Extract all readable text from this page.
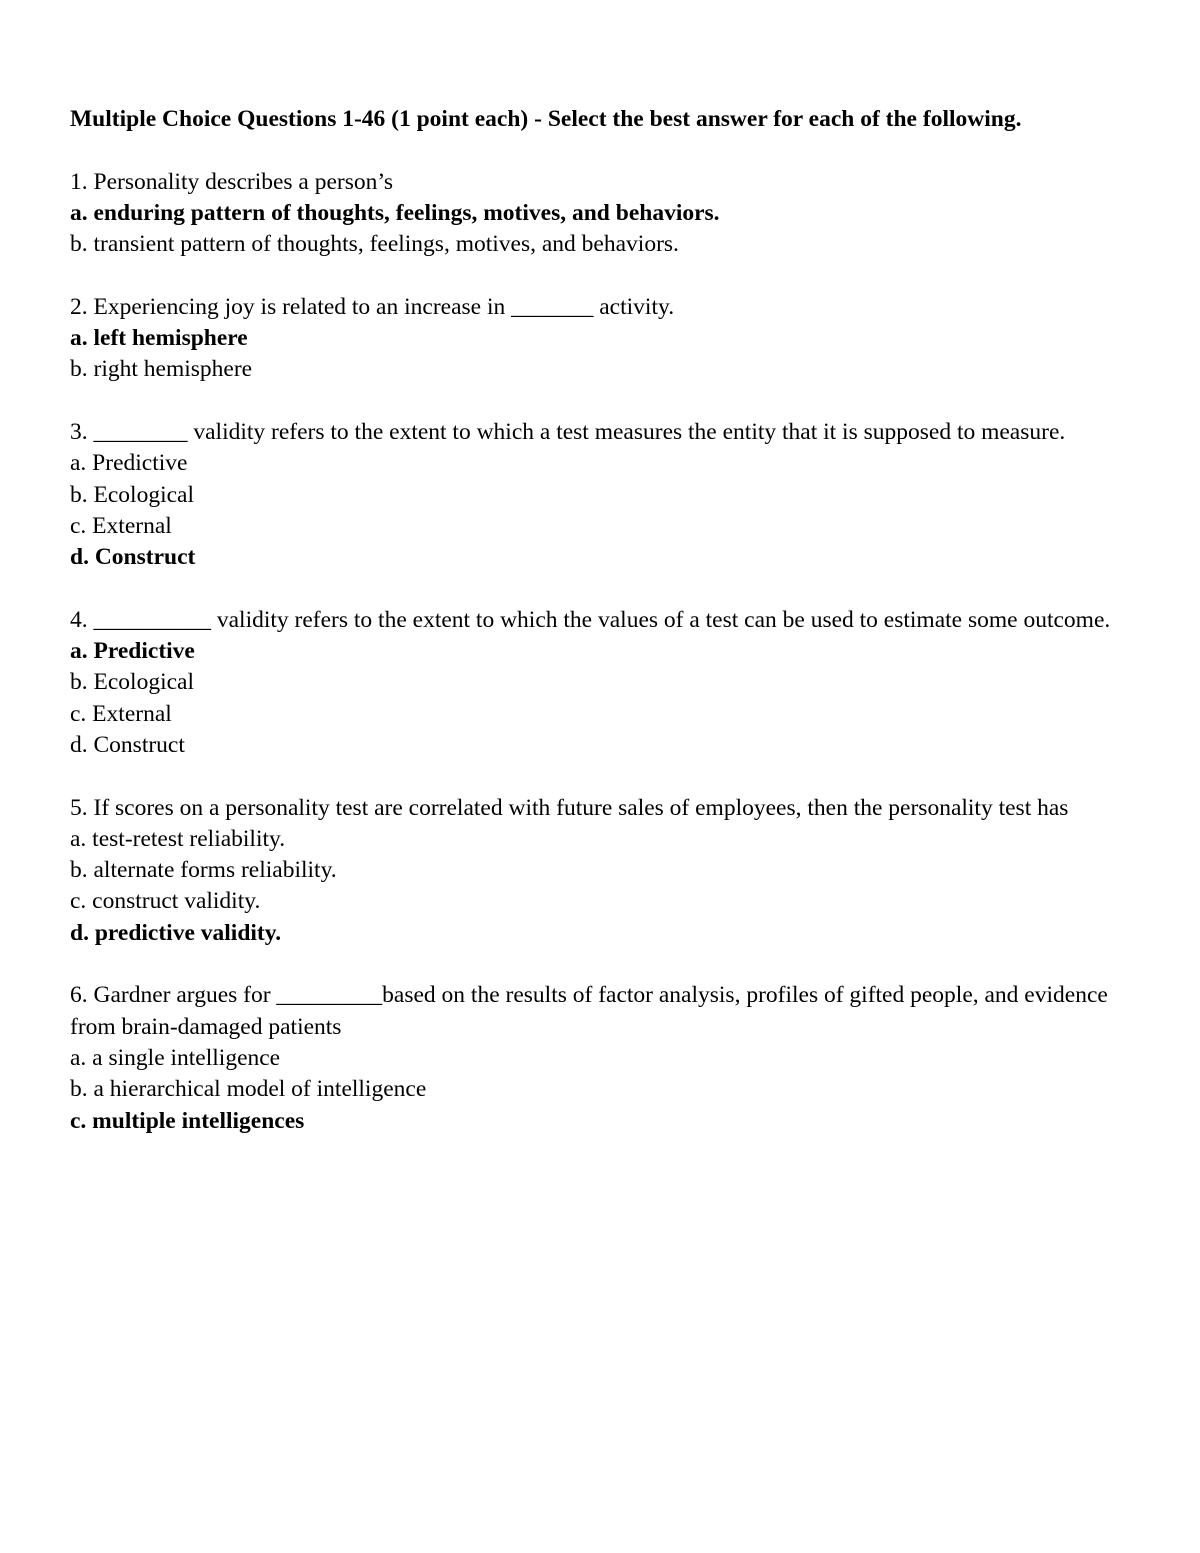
Multiple Choice Questions 1-46 (1 point each) - Select the best answer for each of the following.

1. Personality describes a person’s

a. enduring pattern of thoughts, feelings, motives, and behaviors.

b. transient pattern of thoughts, feelings, motives, and behaviors.

2. Experiencing joy is related to an increase in _______ activity.

a. left hemisphere

b. right hemisphere

3. ________ validity refers to the extent to which a test measures the entity that it is supposed to measure.

a. Predictive

b. Ecological

c. External

d. Construct

4. __________ validity refers to the extent to which the values of a test can be used to estimate some outcome.

a. Predictive

b. Ecological

c. External

d. Construct

5. If scores on a personality test are correlated with future sales of employees, then the personality test has

a. test-retest reliability.

b. alternate forms reliability.

c. construct validity.

d. predictive validity.

6. Gardner argues for _________based on the results of factor analysis, profiles of gifted people, and evidence from brain-damaged patients

a. a single intelligence

b. a hierarchical model of intelligence

c. multiple intelligences
